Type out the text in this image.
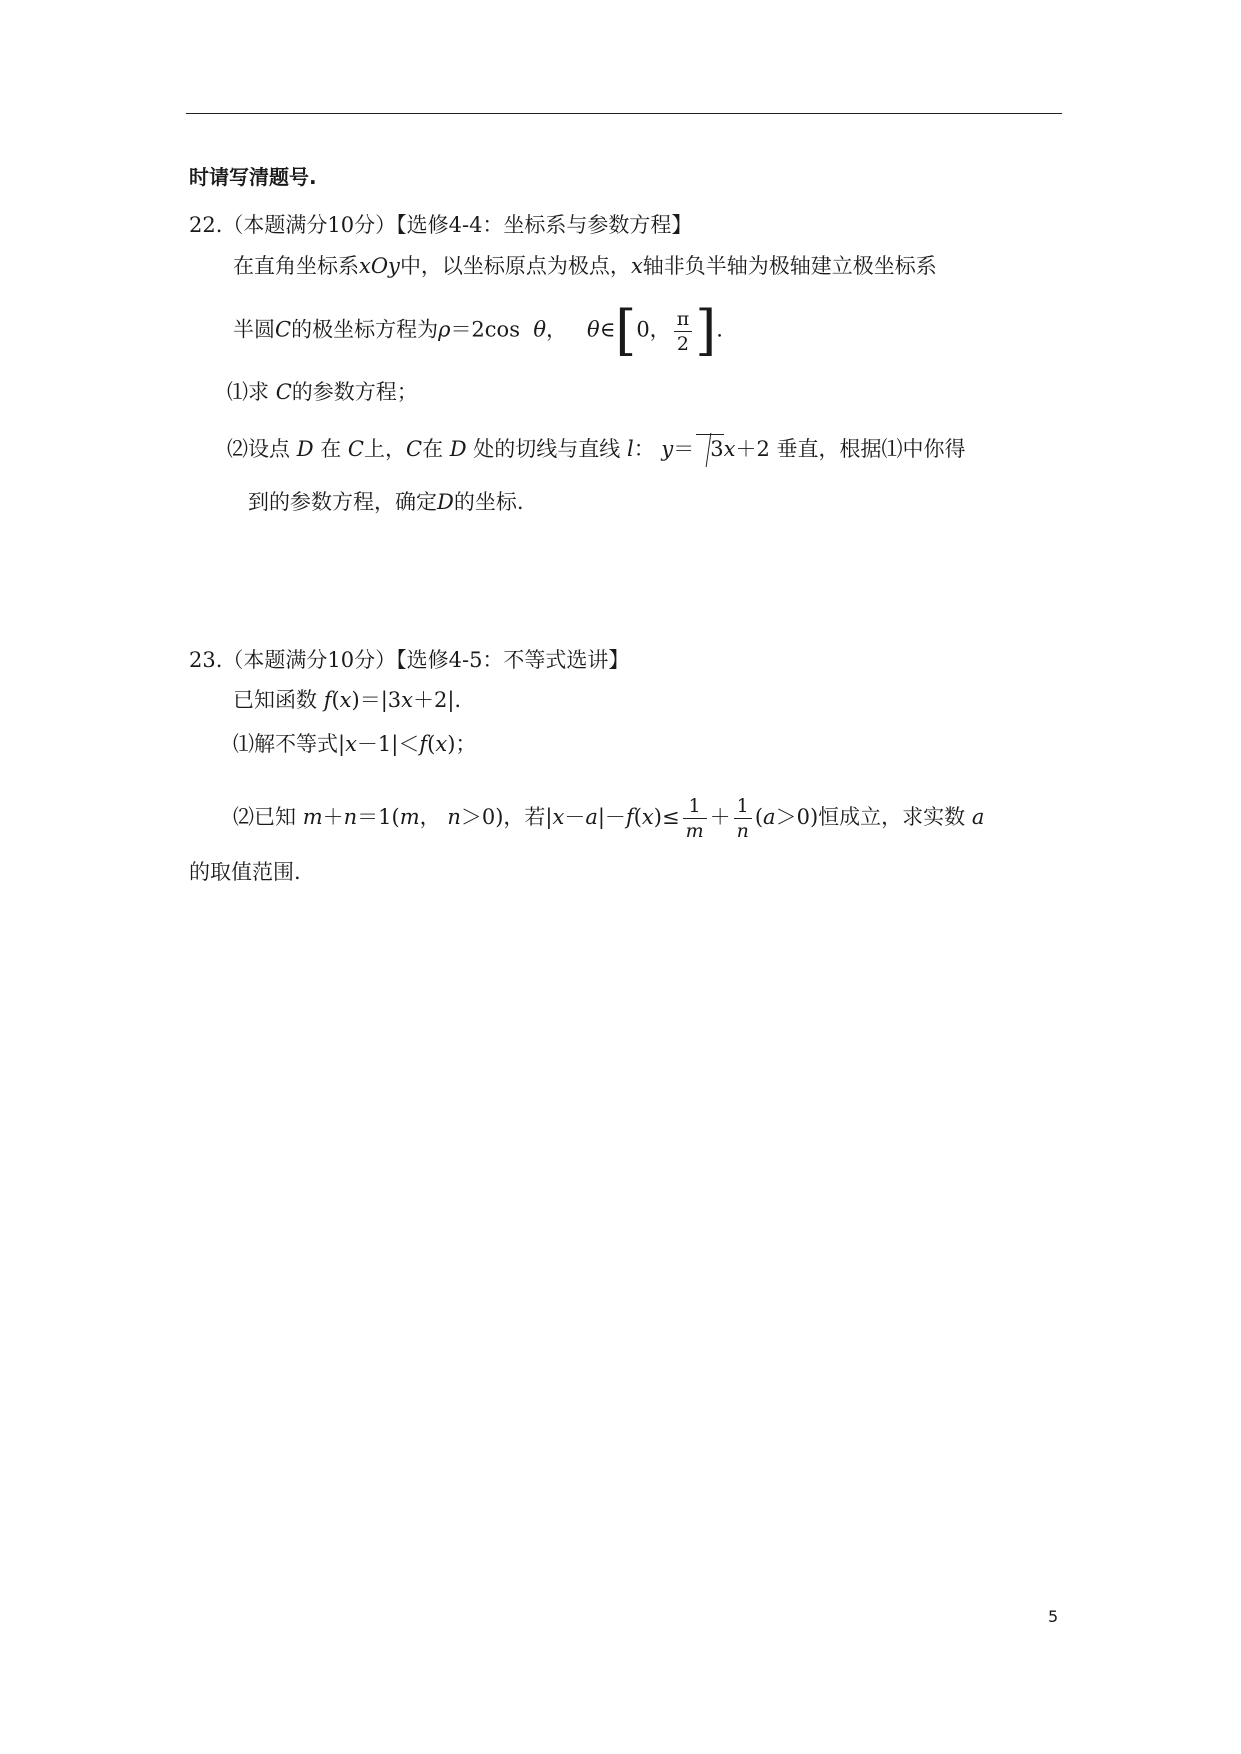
时请写清题号.
22.（本题满分10分）【选修4-4：坐标系与参数方程】
在直角坐标系xOy中，以坐标原点为极点，x轴非负半轴为极轴建立极坐标系
半圆C的极坐标方程为ρ＝2cos θ， θ∈[0， $\frac{\pi}{2}$ ].
⑴求 C的参数方程；
⑵设点 D 在 C上，C在 D 处的切线与直线 l： y＝ 3x＋2 垂直，根据⑴中你得
到的参数方程，确定D的坐标.
23.（本题满分10分）【选修4-5：不等式选讲】
已知函数 f(x)＝|3x＋2|.
⑴解不等式|x－1|＜f(x)；
⑵已知 m＋n＝1(m， n＞0)，若$|x-a|-f(x)\le \frac{1}{m} + \frac{1}{n} (a>0)$恒成立，求实数 a
的取值范围.
5
